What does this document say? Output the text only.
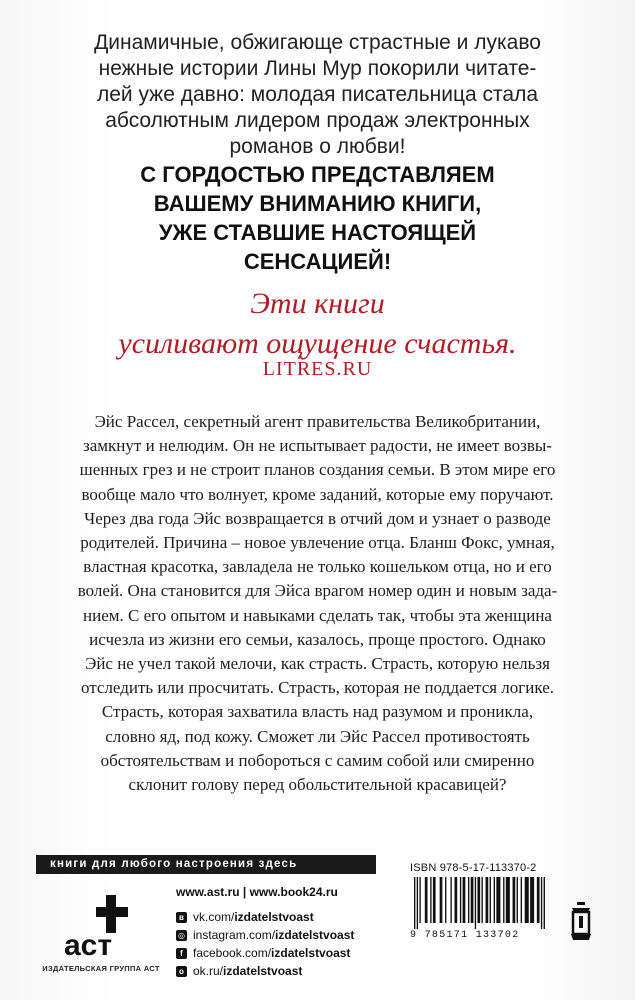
Динамичные, обжигающе страстные и лукаво
нежные истории Лины Мур покорили читате-
лей уже давно: молодая писательница стала
абсолютным лидером продаж электронных
романов о любви!
С ГОРДОСТЬЮ ПРЕДСТАВЛЯЕМ
ВАШЕМУ ВНИМАНИЮ КНИГИ,
УЖЕ СТАВШИЕ НАСТОЯЩЕЙ
СЕНСАЦИЕЙ!
Эти книги
усиливают ощущение счастья.
LITRES.RU
Эйс Рассел, секретный агент правительства Великобритании,
замкнут и нелюдим. Он не испытывает радости, не имеет возвы-
шенных грез и не строит планов создания семьи. В этом мире его
вообще мало что волнует, кроме заданий, которые ему поручают.
Через два года Эйс возвращается в отчий дом и узнает о разводе
родителей. Причина – новое увлечение отца. Бланш Фокс, умная,
властная красотка, завладела не только кошельком отца, но и его
волей. Она становится для Эйса врагом номер один и новым зада-
нием. С его опытом и навыками сделать так, чтобы эта женщина
исчезла из жизни его семьи, казалось, проще простого. Однако
Эйс не учел такой мелочи, как страсть. Страсть, которую нельзя
отследить или просчитать. Страсть, которая не поддается логике.
Страсть, которая захватила власть над разумом и проникла,
словно яд, под кожу. Сможет ли Эйс Рассел противостоять
обстоятельствам и побороться с самим собой или смиренно
склонит голову перед обольстительной красавицей?
книги для любого настроения здесь
аст
ИЗДАТЕЛЬСКАЯ ГРУППА АСТ
www.ast.ru | www.book24.ru
в vk.com/ izdatelstvoast
◎ instagram.com/ izdatelstvoast
f facebook.com/ izdatelstvoast
о ok.ru/ izdatelstvoast
ISBN 978-5-17-113370-2
9 785171 133702
